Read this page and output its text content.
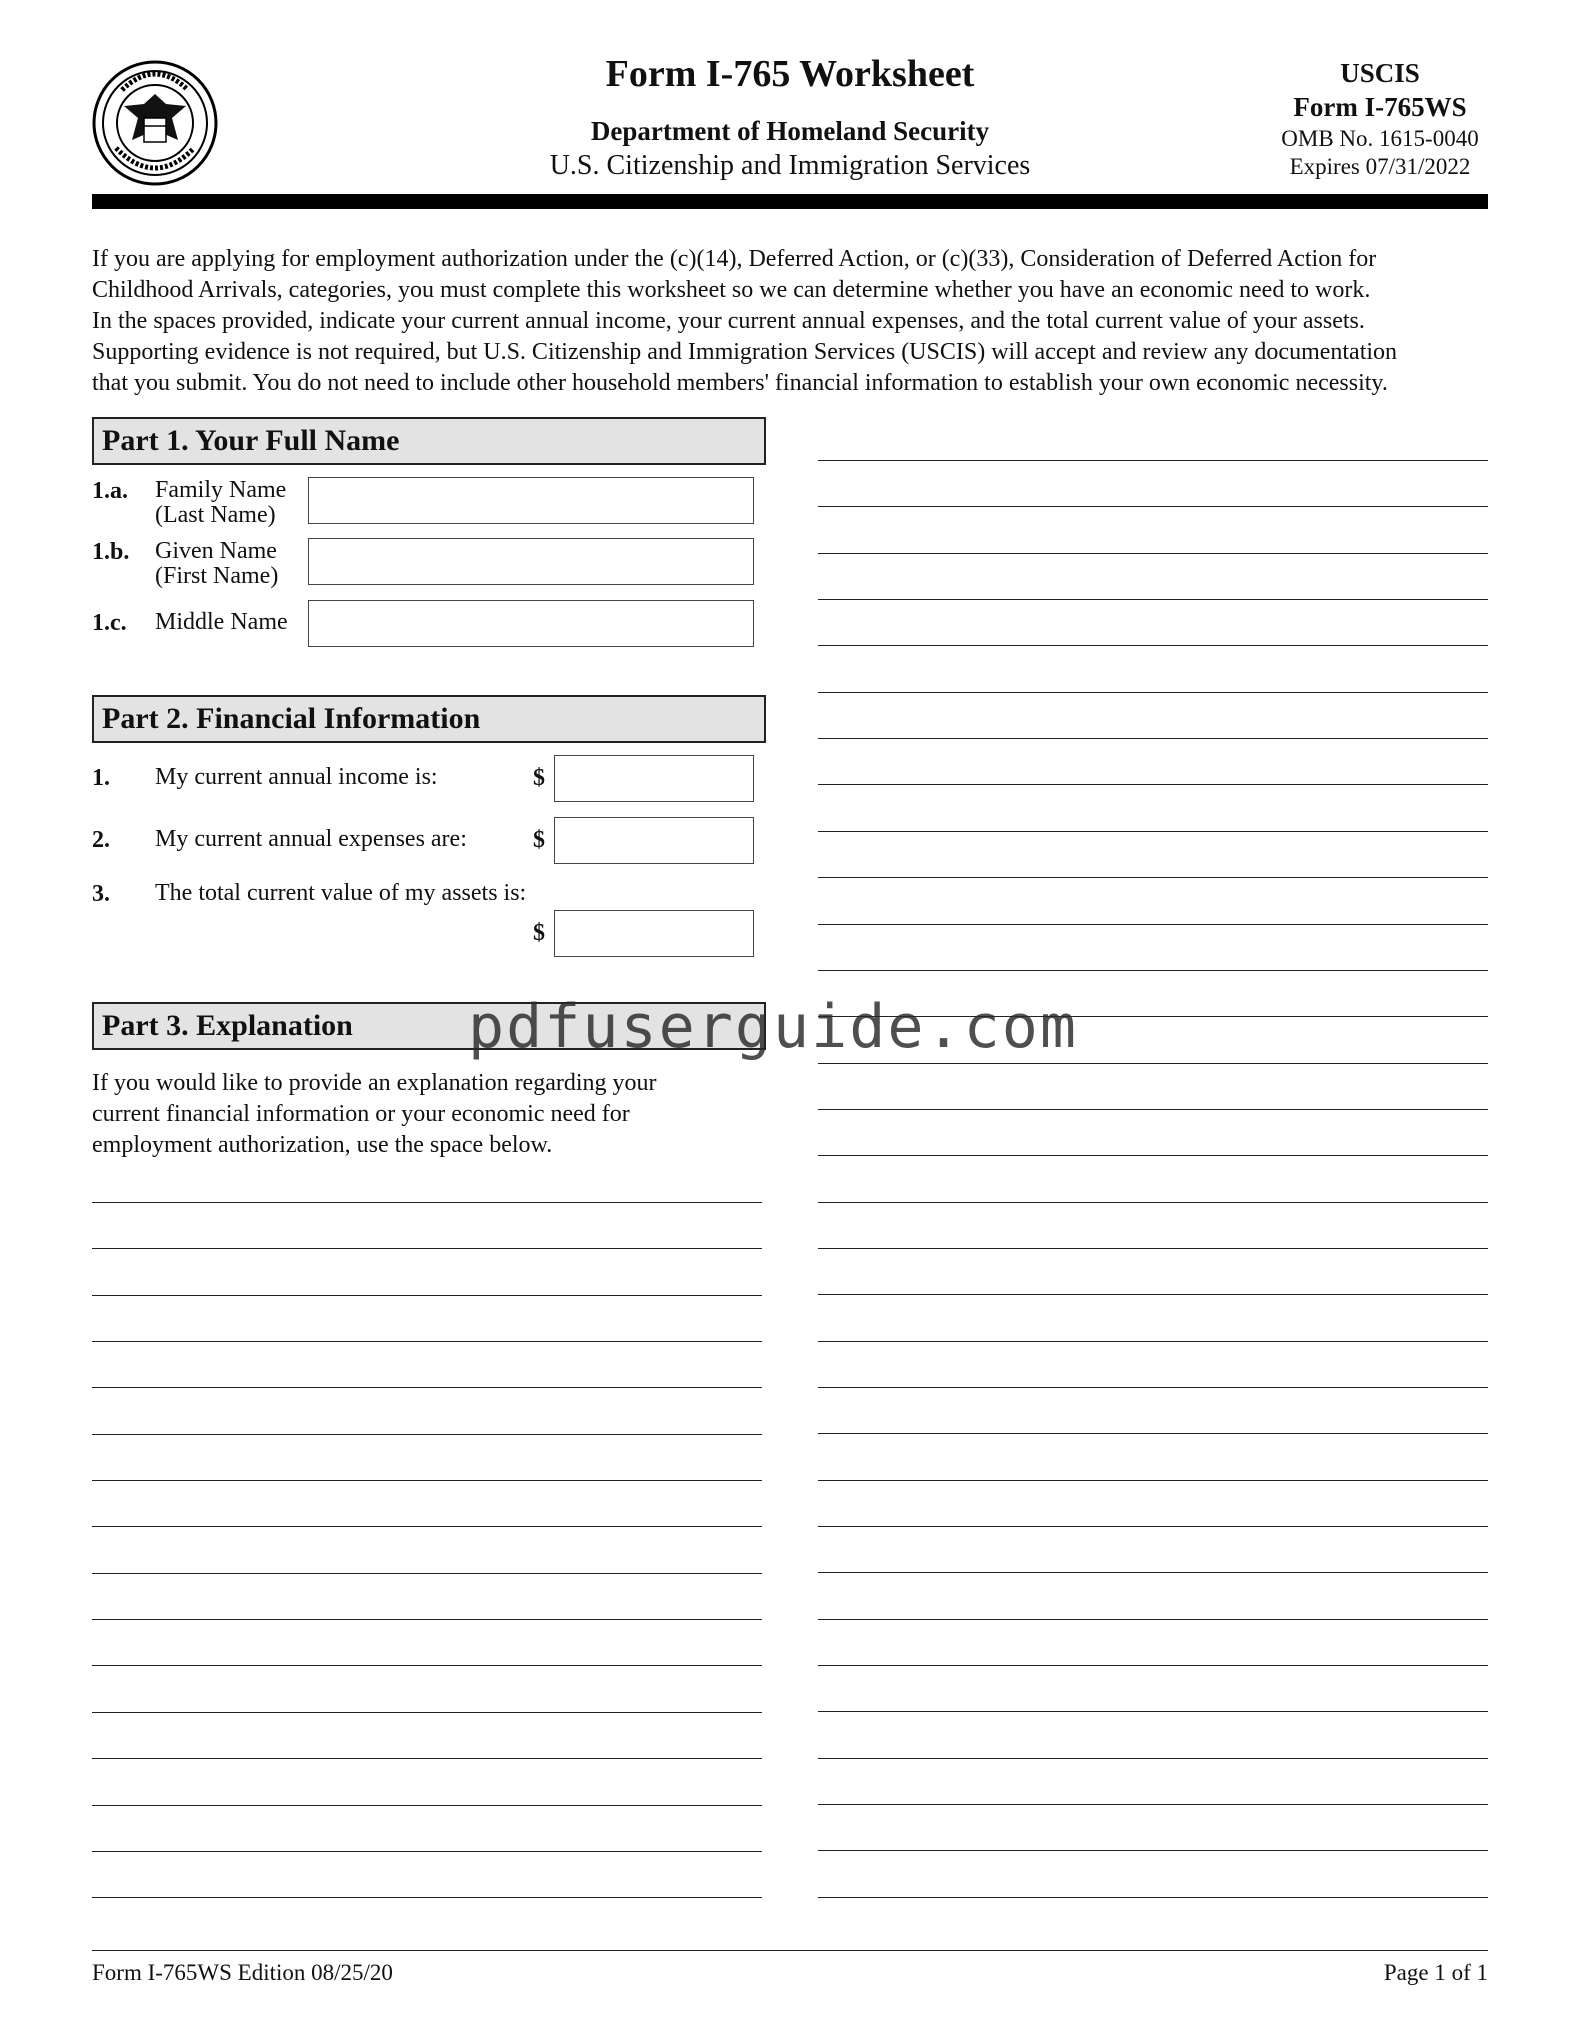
Form I-765 Worksheet
Department of Homeland Security
U.S. Citizenship and Immigration Services
USCIS
Form I-765WS
OMB No. 1615-0040
Expires 07/31/2022

If you are applying for employment authorization under the (c)(14), Deferred Action, or (c)(33), Consideration of Deferred Action for

Childhood Arrivals, categories, you must complete this worksheet so we can determine whether you have an economic need to work.

In the spaces provided, indicate your current annual income, your current annual expenses, and the total current value of your assets.

Supporting evidence is not required, but U.S. Citizenship and Immigration Services (USCIS) will accept and review any documentation

that you submit. You do not need to include other household members' financial information to establish your own economic necessity.

Part 1. Your Full Name
1.a. Family Name
(Last Name)
1.b. Given Name
(First Name)
1.c. Middle Name
Part 2. Financial Information
1. My current annual income is:	$
2. My current annual expenses are:	$
3. The total current value of my assets is:
$
Part 3. Explanation

If you would like to provide an explanation regarding your

current financial information or your economic need for

employment authorization, use the space below.

pdfuserguide.com
Form I-765WS Edition 08/25/20	Page 1 of 1
